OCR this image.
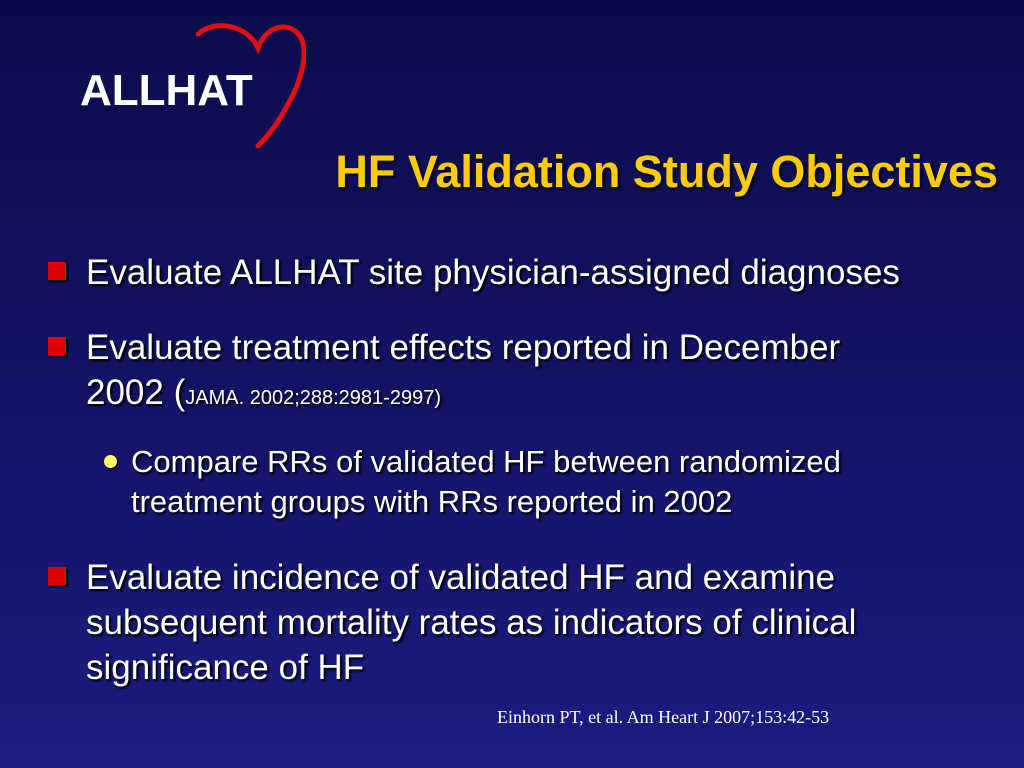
ALLHAT
HF Validation Study Objectives
Evaluate ALLHAT site physician-assigned diagnoses
Evaluate treatment effects reported in December
2002 (JAMA. 2002;288:2981-2997)
Compare RRs of validated HF between randomized
treatment groups with RRs reported in 2002
Evaluate incidence of validated HF and examine
subsequent mortality rates as indicators of clinical
significance of HF
Einhorn PT, et al. Am Heart J 2007;153:42-53
